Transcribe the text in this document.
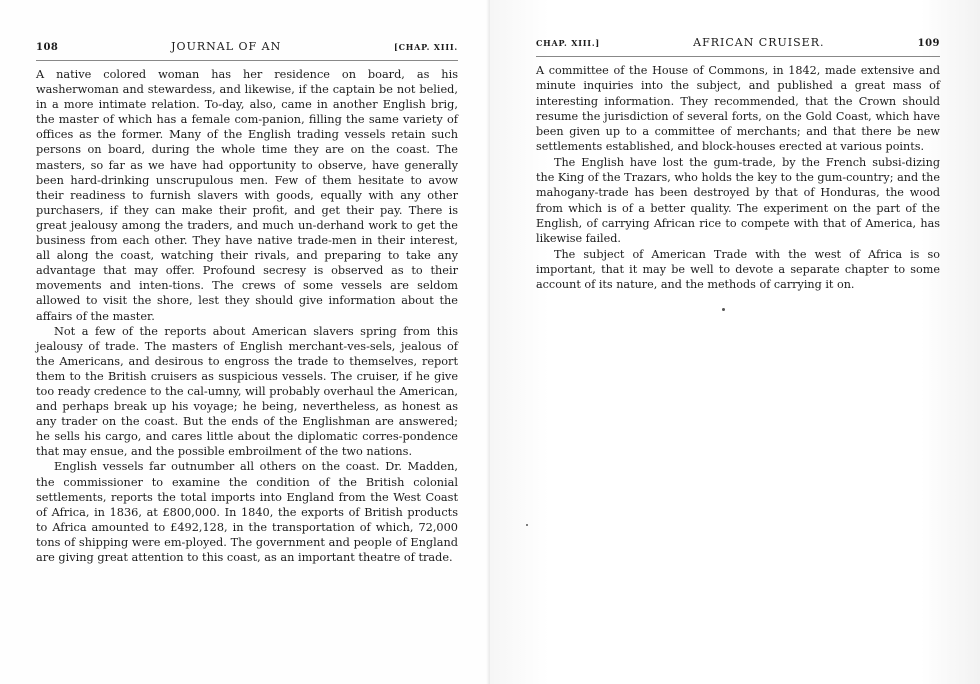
108	JOURNAL OF AN	[CHAP. XIII.

A native colored woman has her residence on board, as his washerwoman and stewardess, and likewise, if the captain be not belied, in a more intimate relation. To-day, also, came in another English brig, the master of which has a female com-panion, filling the same variety of offices as the former. Many of the English trading vessels retain such persons on board, during the whole time they are on the coast. The masters, so far as we have had opportunity to observe, have generally been hard-drinking unscrupulous men. Few of them hesitate to avow their readiness to furnish slavers with goods, equally with any other purchasers, if they can make their profit, and get their pay. There is great jealousy among the traders, and much un-derhand work to get the business from each other. They have native trade-men in their interest, all along the coast, watching their rivals, and preparing to take any advantage that may offer. Profound secresy is observed as to their movements and inten-tions. The crews of some vessels are seldom allowed to visit the shore, lest they should give information about the affairs of the master.

Not a few of the reports about American slavers spring from this jealousy of trade. The masters of English merchant-ves-sels, jealous of the Americans, and desirous to engross the trade to themselves, report them to the British cruisers as suspicious vessels. The cruiser, if he give too ready credence to the cal-umny, will probably overhaul the American, and perhaps break up his voyage; he being, nevertheless, as honest as any trader on the coast. But the ends of the Englishman are answered; he sells his cargo, and cares little about the diplomatic corres-pondence that may ensue, and the possible embroilment of the two nations.

English vessels far outnumber all others on the coast. Dr. Madden, the commissioner to examine the condition of the British colonial settlements, reports the total imports into England from the West Coast of Africa, in 1836, at £800,000. In 1840, the exports of British products to Africa amounted to £492,128, in the transportation of which, 72,000 tons of shipping were em-ployed. The government and people of England are giving great attention to this coast, as an important theatre of trade.

CHAP. XIII.]	AFRICAN CRUISER.	109

A committee of the House of Commons, in 1842, made extensive and minute inquiries into the subject, and published a great mass of interesting information. They recommended, that the Crown should resume the jurisdiction of several forts, on the Gold Coast, which have been given up to a committee of merchants; and that there be new settlements established, and block-houses erected at various points.

The English have lost the gum-trade, by the French subsi-dizing the King of the Trazars, who holds the key to the gum-country; and the mahogany-trade has been destroyed by that of Honduras, the wood from which is of a better quality. The experiment on the part of the English, of carrying African rice to compete with that of America, has likewise failed.

The subject of American Trade with the west of Africa is so important, that it may be well to devote a separate chapter to some account of its nature, and the methods of carrying it on.
